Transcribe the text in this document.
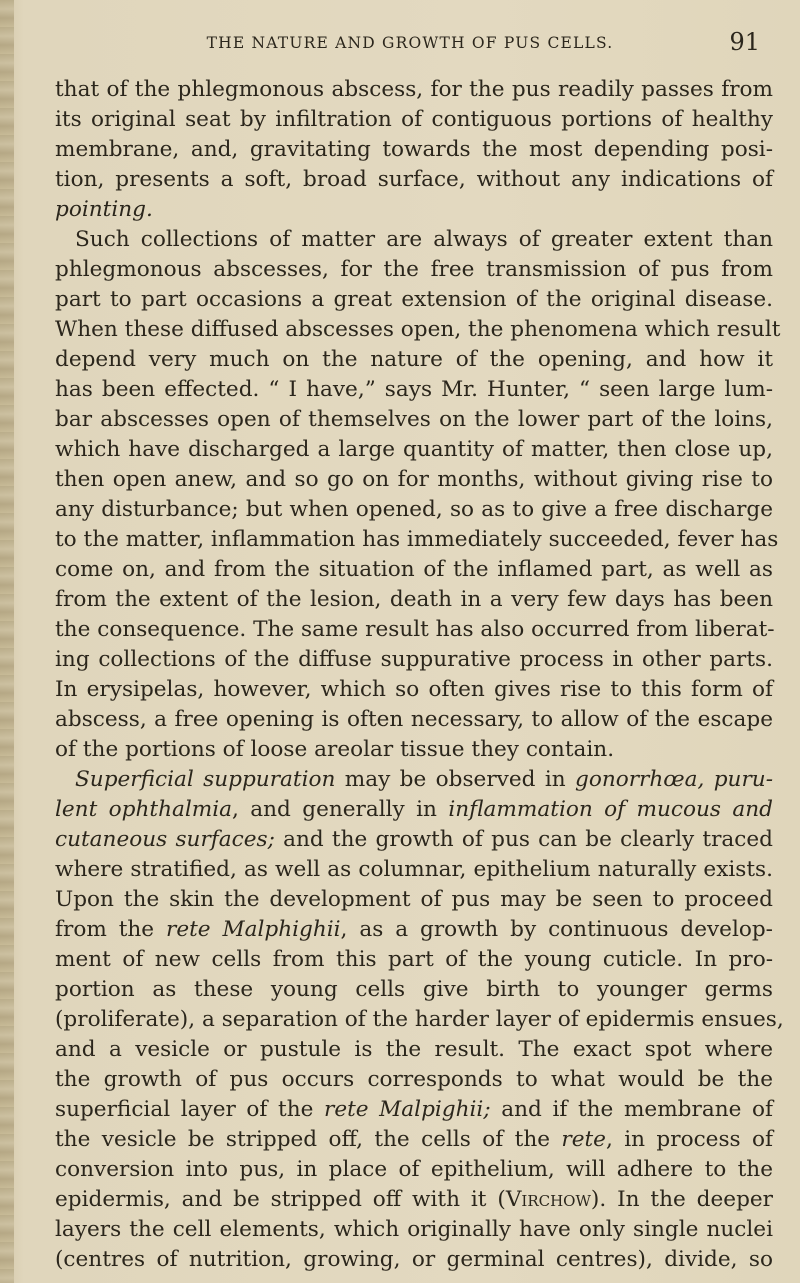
THE NATURE AND GROWTH OF PUS CELLS.	91
that of the phlegmonous abscess, for the pus readily passes from
its original seat by infiltration of contiguous portions of healthy
membrane, and, gravitating towards the most depending posi-
tion, presents a soft, broad surface, without any indications of
pointing.
Such collections of matter are always of greater extent than
phlegmonous abscesses, for the free transmission of pus from
part to part occasions a great extension of the original disease.
When these diffused abscesses open, the phenomena which result
depend very much on the nature of the opening, and how it
has been effected. “ I have,” says Mr. Hunter, “ seen large lum-
bar abscesses open of themselves on the lower part of the loins,
which have discharged a large quantity of matter, then close up,
then open anew, and so go on for months, without giving rise to
any disturbance; but when opened, so as to give a free discharge
to the matter, inflammation has immediately succeeded, fever has
come on, and from the situation of the inflamed part, as well as
from the extent of the lesion, death in a very few days has been
the consequence. The same result has also occurred from liberat-
ing collections of the diffuse suppurative process in other parts.
In erysipelas, however, which so often gives rise to this form of
abscess, a free opening is often necessary, to allow of the escape
of the portions of loose areolar tissue they contain.
Superficial suppuration may be observed in gonorrhœa, puru-
lent ophthalmia, and generally in inflammation of mucous and
cutaneous surfaces; and the growth of pus can be clearly traced
where stratified, as well as columnar, epithelium naturally exists.
Upon the skin the development of pus may be seen to proceed
from the rete Malphighii, as a growth by continuous develop-
ment of new cells from this part of the young cuticle. In pro-
portion as these young cells give birth to younger germs
(proliferate), a separation of the harder layer of epidermis ensues,
and a vesicle or pustule is the result. The exact spot where
the growth of pus occurs corresponds to what would be the
superficial layer of the rete Malpighii; and if the membrane of
the vesicle be stripped off, the cells of the rete, in process of
conversion into pus, in place of epithelium, will adhere to the
epidermis, and be stripped off with it (Virchow). In the deeper
layers the cell elements, which originally have only single nuclei
(centres of nutrition, growing, or germinal centres), divide, so
